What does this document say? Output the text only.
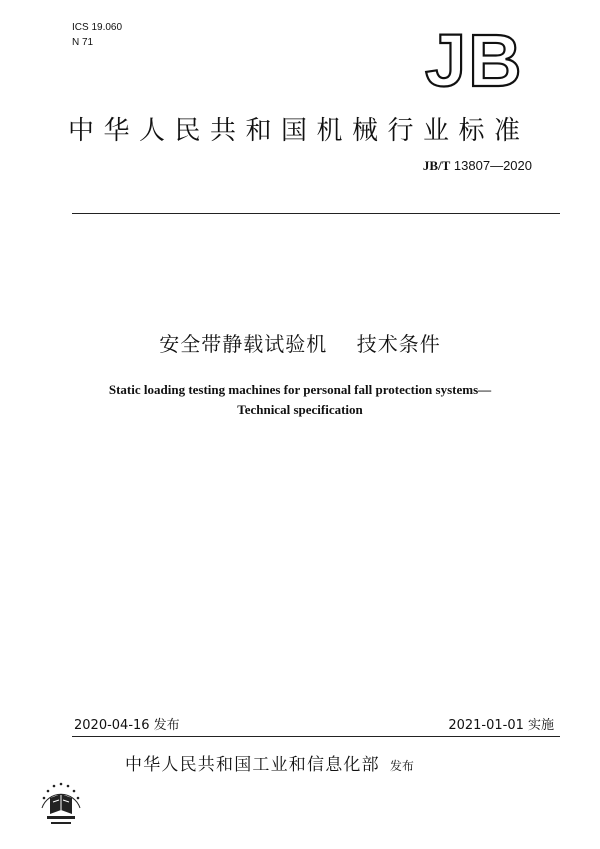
ICS 19.060
N 71	JB
中华人民共和国机械行业标准
JB/T 13807—2020
安全带静载试验机    技术条件
Static loading testing machines for personal fall protection systems—
Technical specification
2020-04-16 发布	2021-01-01 实施
中华人民共和国工业和信息化部 发布
